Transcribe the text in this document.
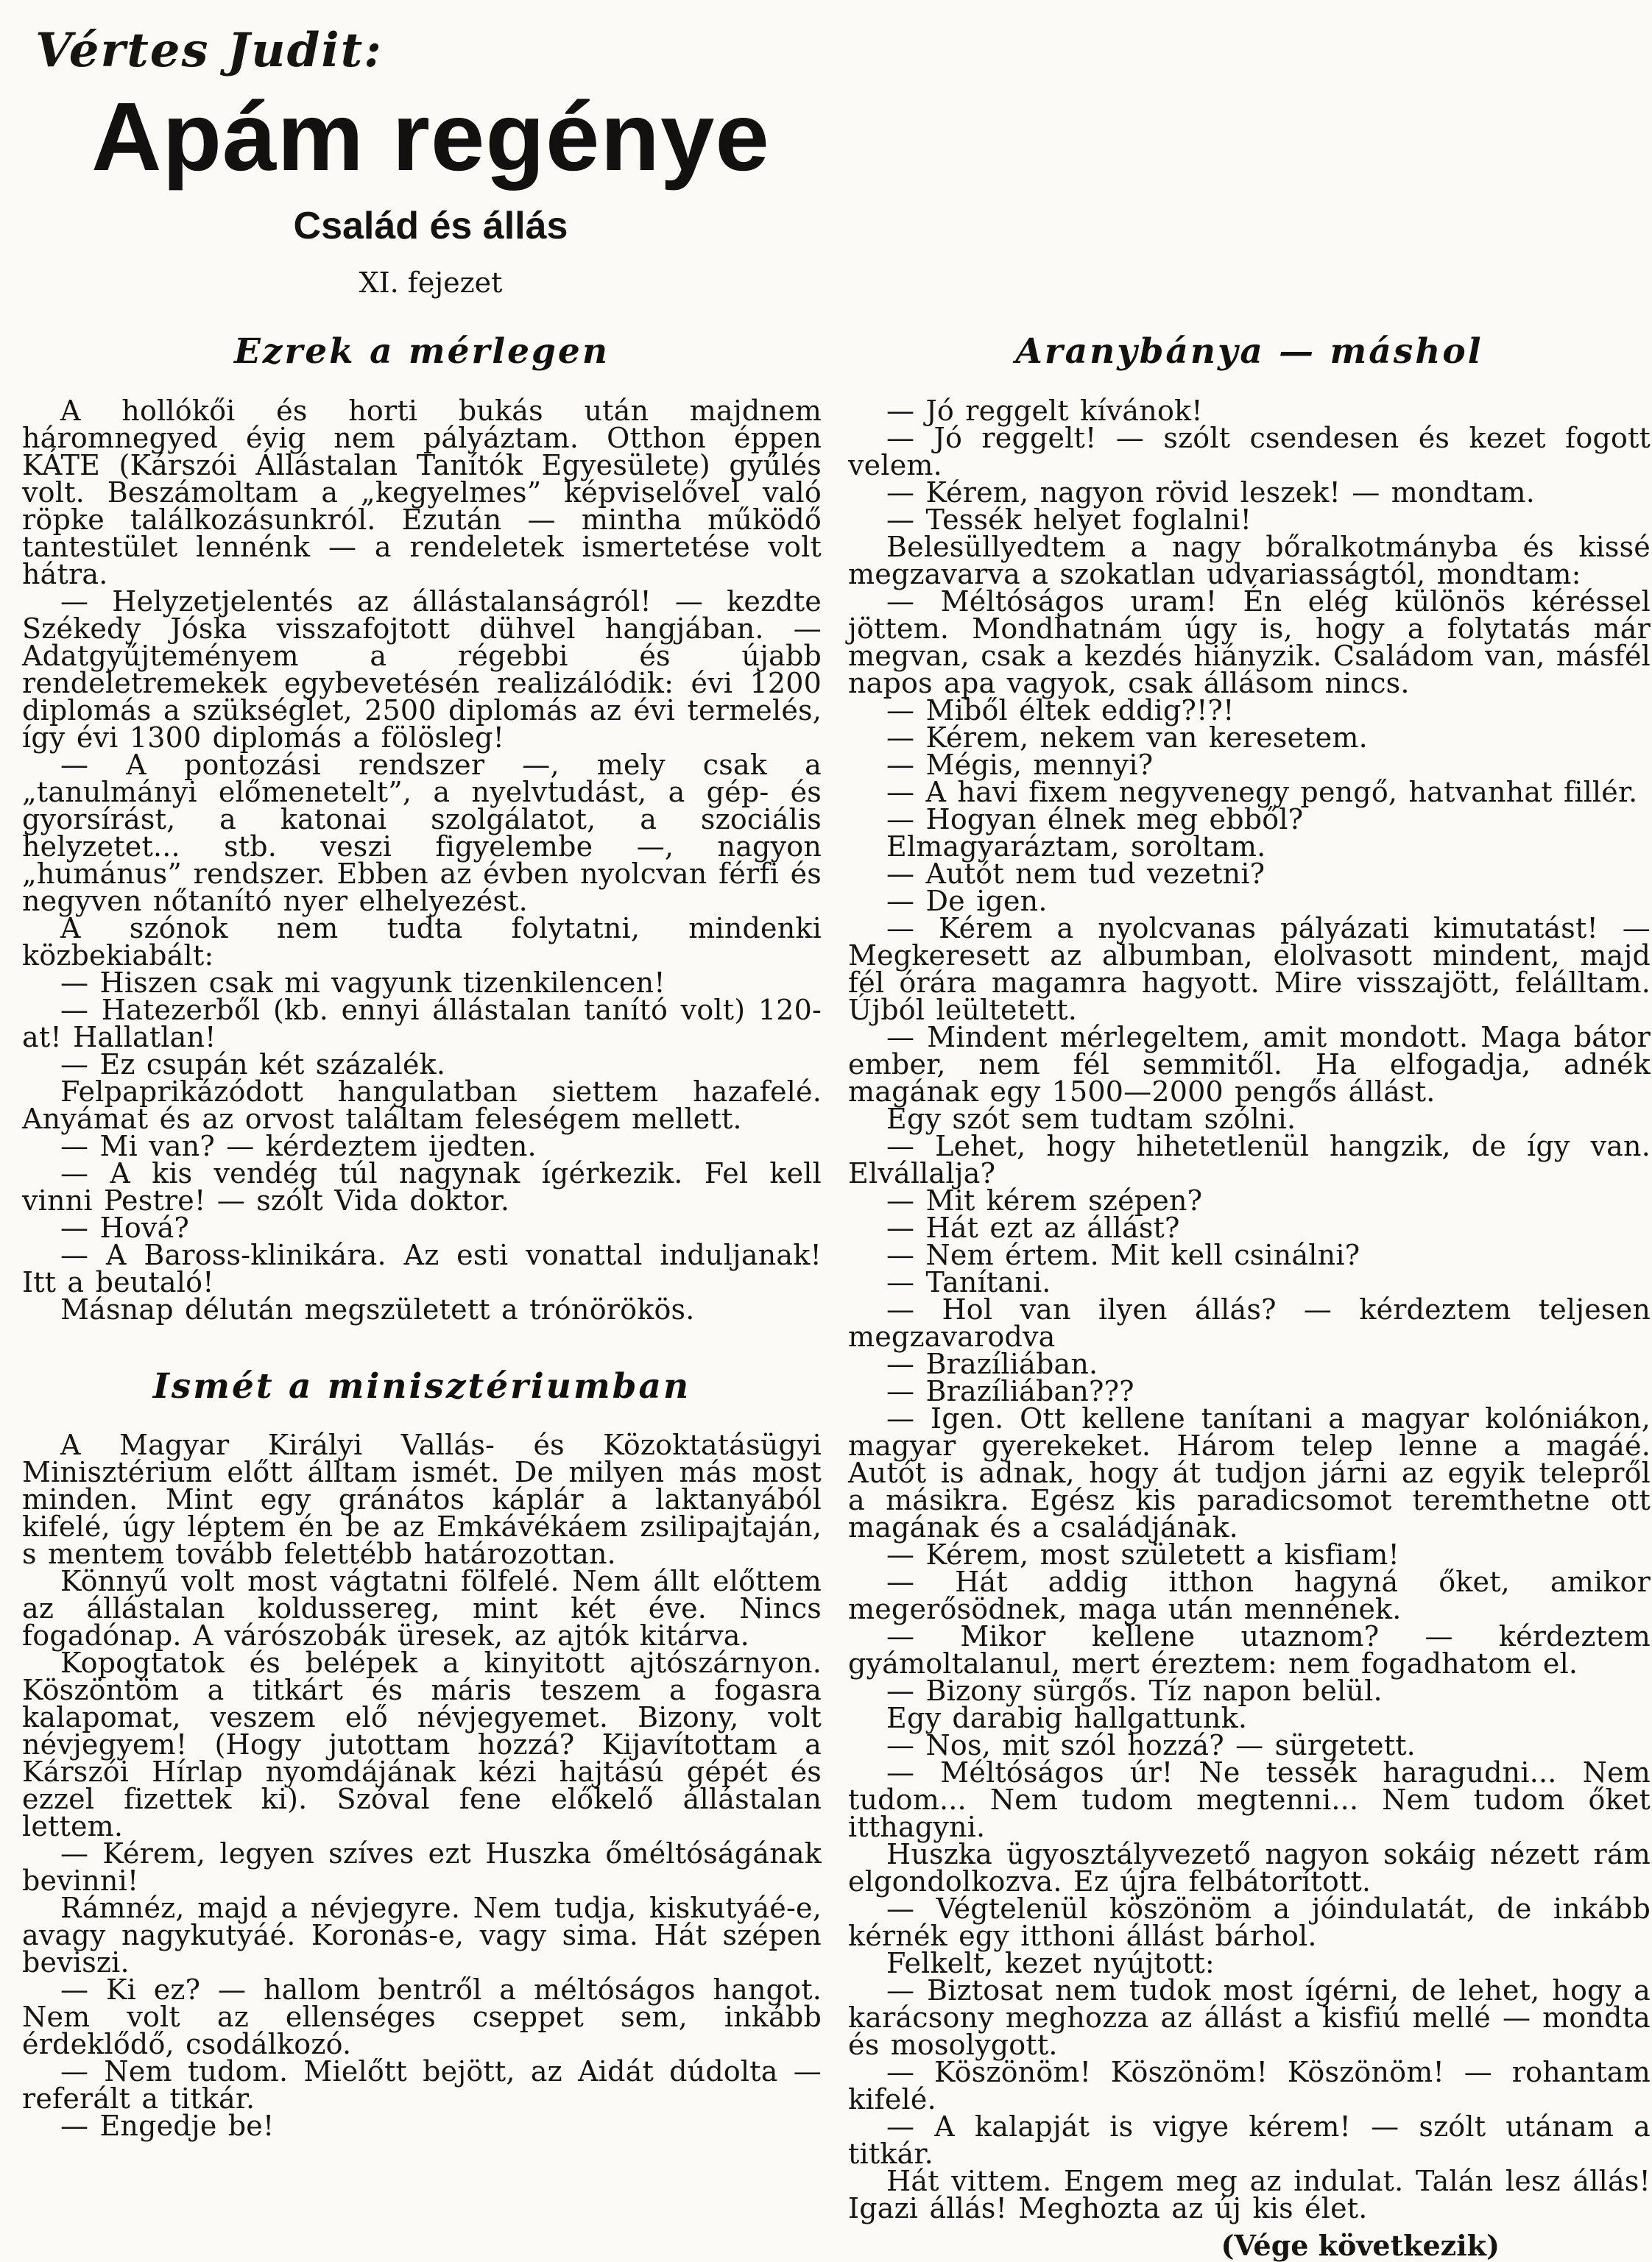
Vértes Judit:
Apám regénye
Család és állás
XI. fejezet
Ezrek a mérlegen

A hollókői és horti bukás után majdnem háromnegyed évig nem pályáztam. Otthon éppen KÁTE (Kárszói Állástalan Tanítók Egyesülete) gyűlés volt. Beszámoltam a „kegyelmes” képviselővel való röpke találkozásunkról. Ezután — mintha működő tantestület lennénk — a rendeletek ismertetése volt hátra.

— Helyzetjelentés az állástalanságról! — kezdte Székedy Jóska visszafojtott dühvel hangjában. — Adatgyűjteményem a régebbi és újabb rendeletremekek egybevetésén realizálódik: évi 1200 diplomás a szükséglet, 2500 diplomás az évi termelés, így évi 1300 diplomás a fölösleg!

— A pontozási rendszer —, mely csak a „tanulmányi előmenetelt”, a nyelvtudást, a gép- és gyorsírást, a katonai szolgálatot, a szociális helyzetet... stb. veszi figyelembe —, nagyon „humánus” rendszer. Ebben az évben nyolcvan férfi és negyven nőtanító nyer elhelyezést.

A szónok nem tudta folytatni, mindenki közbekiabált:

— Hiszen csak mi vagyunk tizenkilencen!

— Hatezerből (kb. ennyi állástalan tanító volt) 120-at! Hallatlan!

— Ez csupán két százalék.

Felpaprikázódott hangulatban siettem hazafelé. Anyámat és az orvost találtam feleségem mellett.

— Mi van? — kérdeztem ijedten.

— A kis vendég túl nagynak ígérkezik. Fel kell vinni Pestre! — szólt Vida doktor.

— Hová?

— A Baross-klinikára. Az esti vonattal induljanak! Itt a beutaló!

Másnap délután megszületett a trónörökös.

Ismét a minisztériumban

A Magyar Királyi Vallás- és Közoktatásügyi Minisztérium előtt álltam ismét. De milyen más most minden. Mint egy gránátos káplár a laktanyából kifelé, úgy léptem én be az Emkávékáem zsilipajtaján, s mentem tovább felettébb határozottan.

Könnyű volt most vágtatni fölfelé. Nem állt előttem az állástalan koldussereg, mint két éve. Nincs fogadónap. A várószobák üresek, az ajtók kitárva.

Kopogtatok és belépek a kinyitott ajtószárnyon. Köszöntöm a titkárt és máris teszem a fogasra kalapomat, veszem elő névjegyemet. Bizony, volt névjegyem! (Hogy jutottam hozzá? Kijavítottam a Kárszói Hírlap nyomdájának kézi hajtású gépét és ezzel fizettek ki). Szóval fene előkelő állástalan lettem.

— Kérem, legyen szíves ezt Huszka őméltóságának bevinni!

Rámnéz, majd a névjegyre. Nem tudja, kiskutyáé-e, avagy nagykutyáé. Koronás-e, vagy sima. Hát szépen beviszi.

— Ki ez? — hallom bentről a méltóságos hangot. Nem volt az ellenséges cseppet sem, inkább érdeklődő, csodálkozó.

— Nem tudom. Mielőtt bejött, az Aidát dúdolta — referált a titkár.

— Engedje be!

Aranybánya — máshol

— Jó reggelt kívánok!

— Jó reggelt! — szólt csendesen és kezet fogott velem.

— Kérem, nagyon rövid leszek! — mondtam.

— Tessék helyet foglalni!

Belesüllyedtem a nagy bőralkotmányba és kissé megzavarva a szokatlan udvariasságtól, mondtam:

— Méltóságos uram! Én elég különös kéréssel jöttem. Mondhatnám úgy is, hogy a folytatás már megvan, csak a kezdés hiányzik. Családom van, másfél napos apa vagyok, csak állásom nincs.

— Miből éltek eddig?!?!

— Kérem, nekem van keresetem.

— Mégis, mennyi?

— A havi fixem negyvenegy pengő, hatvanhat fillér.

— Hogyan élnek meg ebből?

Elmagyaráztam, soroltam.

— Autót nem tud vezetni?

— De igen.

— Kérem a nyolcvanas pályázati kimutatást! — Megkeresett az albumban, elolvasott mindent, majd fél órára magamra hagyott. Mire visszajött, felálltam. Újból leültetett.

— Mindent mérlegeltem, amit mondott. Maga bátor ember, nem fél semmitől. Ha elfogadja, adnék magának egy 1500—2000 pengős állást.

Egy szót sem tudtam szólni.

— Lehet, hogy hihetetlenül hangzik, de így van. Elvállalja?

— Mit kérem szépen?

— Hát ezt az állást?

— Nem értem. Mit kell csinálni?

— Tanítani.

— Hol van ilyen állás? — kérdeztem teljesen megzavarodva

— Brazíliában.

— Brazíliában???

— Igen. Ott kellene tanítani a magyar kolóniákon, magyar gyerekeket. Három telep lenne a magáé. Autót is adnak, hogy át tudjon járni az egyik telepről a másikra. Egész kis paradicsomot teremthetne ott magának és a családjának.

— Kérem, most született a kisfiam!

— Hát addig itthon hagyná őket, amikor megerősödnek, maga után mennének.

— Mikor kellene utaznom? — kérdeztem gyámoltalanul, mert éreztem: nem fogadhatom el.

— Bizony sürgős. Tíz napon belül.

Egy darabig hallgattunk.

— Nos, mit szól hozzá? — sürgetett.

— Méltóságos úr! Ne tessék haragudni... Nem tudom... Nem tudom megtenni... Nem tudom őket itthagyni.

Huszka ügyosztályvezető nagyon sokáig nézett rám elgondolkozva. Ez újra felbátorított.

— Végtelenül köszönöm a jóindulatát, de inkább kérnék egy itthoni állást bárhol.

Felkelt, kezet nyújtott:

— Biztosat nem tudok most ígérni, de lehet, hogy a karácsony meghozza az állást a kisfiú mellé — mondta és mosolygott.

— Köszönöm! Köszönöm! Köszönöm! — rohantam kifelé.

— A kalapját is vigye kérem! — szólt utánam a titkár.

Hát vittem. Engem meg az indulat. Talán lesz állás! Igazi állás! Meghozta az új kis élet.

(Vége következik)
